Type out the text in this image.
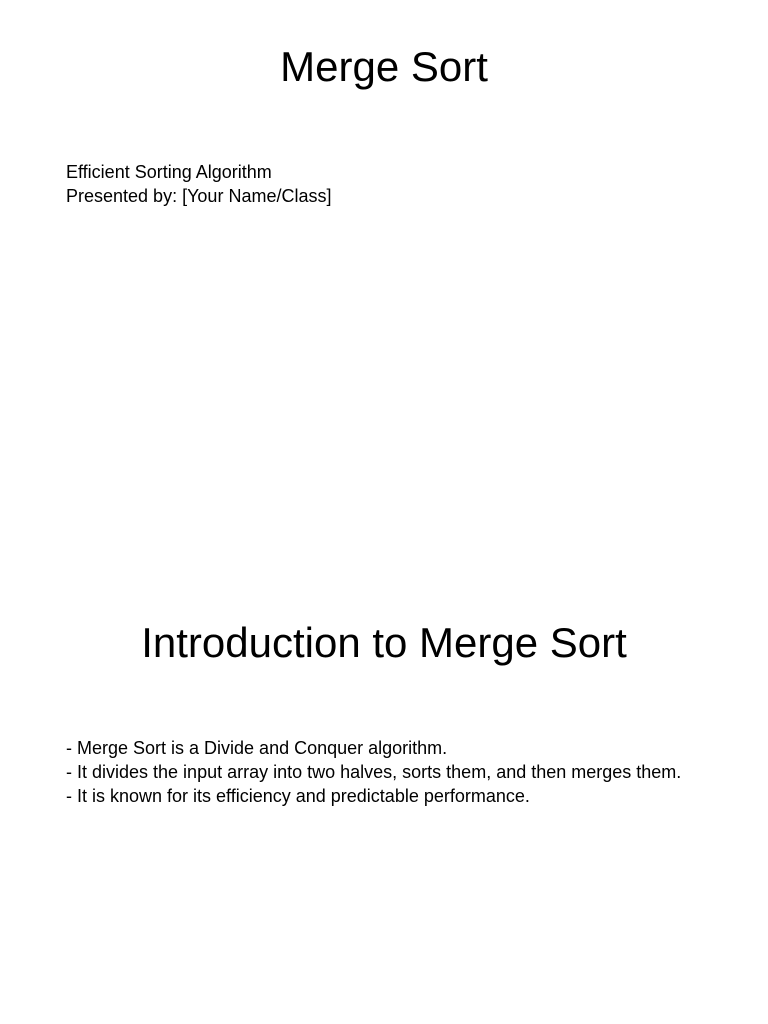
Merge Sort
Efficient Sorting Algorithm
Presented by: [Your Name/Class]
Introduction to Merge Sort
- Merge Sort is a Divide and Conquer algorithm.
- It divides the input array into two halves, sorts them, and then merges them.
- It is known for its efficiency and predictable performance.
